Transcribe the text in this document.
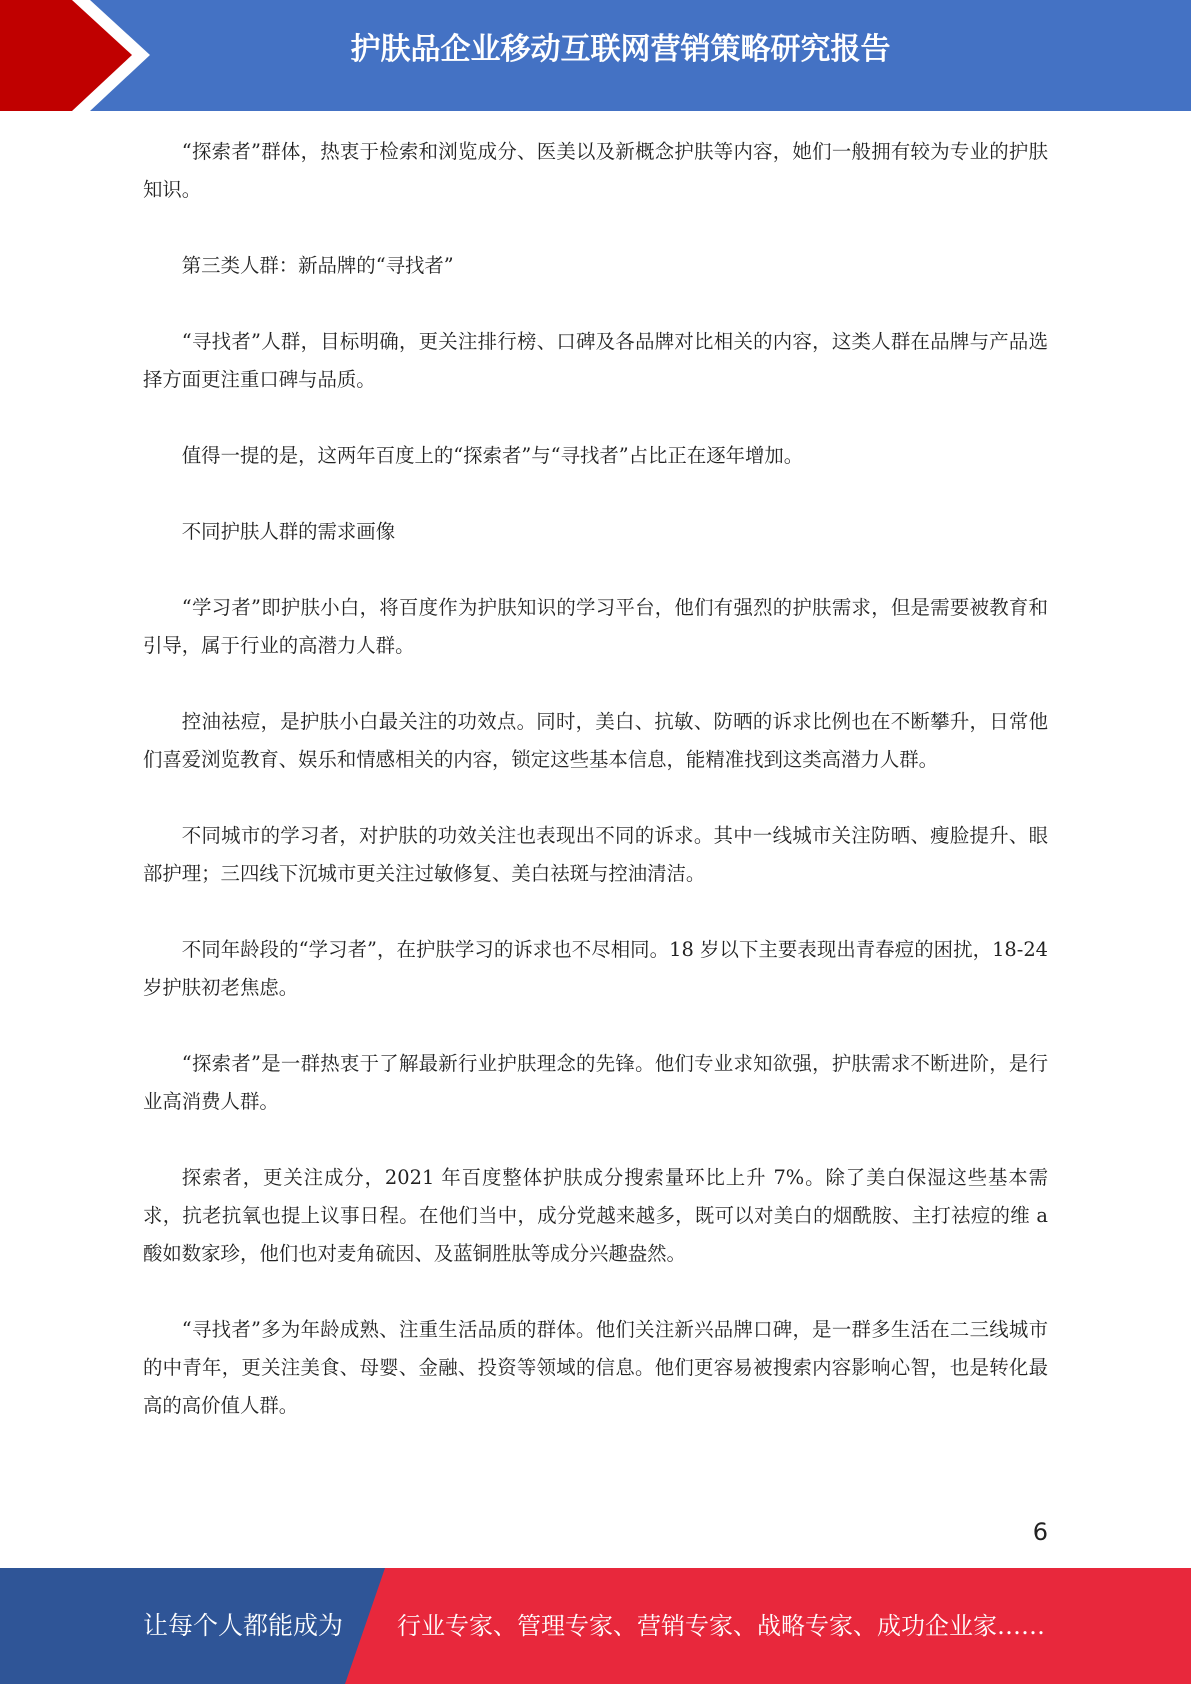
护肤品企业移动互联网营销策略研究报告

“探索者”群体，热衷于检索和浏览成分、医美以及新概念护肤等内容，她们一般拥有较为专业的护肤知识。

第三类人群：新品牌的“寻找者”

“寻找者”人群，目标明确，更关注排行榜、口碑及各品牌对比相关的内容，这类人群在品牌与产品选择方面更注重口碑与品质。

值得一提的是，这两年百度上的“探索者”与“寻找者”占比正在逐年增加。

不同护肤人群的需求画像

“学习者”即护肤小白，将百度作为护肤知识的学习平台，他们有强烈的护肤需求，但是需要被教育和引导，属于行业的高潜力人群。

控油祛痘，是护肤小白最关注的功效点。同时，美白、抗敏、防晒的诉求比例也在不断攀升，日常他们喜爱浏览教育、娱乐和情感相关的内容，锁定这些基本信息，能精准找到这类高潜力人群。

不同城市的学习者，对护肤的功效关注也表现出不同的诉求。其中一线城市关注防晒、瘦脸提升、眼部护理；三四线下沉城市更关注过敏修复、美白祛斑与控油清洁。

不同年龄段的“学习者”，在护肤学习的诉求也不尽相同。18 岁以下主要表现出青春痘的困扰，18-24 岁护肤初老焦虑。

“探索者”是一群热衷于了解最新行业护肤理念的先锋。他们专业求知欲强，护肤需求不断进阶，是行业高消费人群。

探索者，更关注成分，2021 年百度整体护肤成分搜索量环比上升 7%。除了美白保湿这些基本需求，抗老抗氧也提上议事日程。在他们当中，成分党越来越多，既可以对美白的烟酰胺、主打祛痘的维 a 酸如数家珍，他们也对麦角硫因、及蓝铜胜肽等成分兴趣盎然。

“寻找者”多为年龄成熟、注重生活品质的群体。他们关注新兴品牌口碑，是一群多生活在二三线城市的中青年，更关注美食、母婴、金融、投资等领域的信息。他们更容易被搜索内容影响心智，也是转化最高的高价值人群。

6
让每个人都能成为 行业专家、管理专家、营销专家、战略专家、成功企业家……
